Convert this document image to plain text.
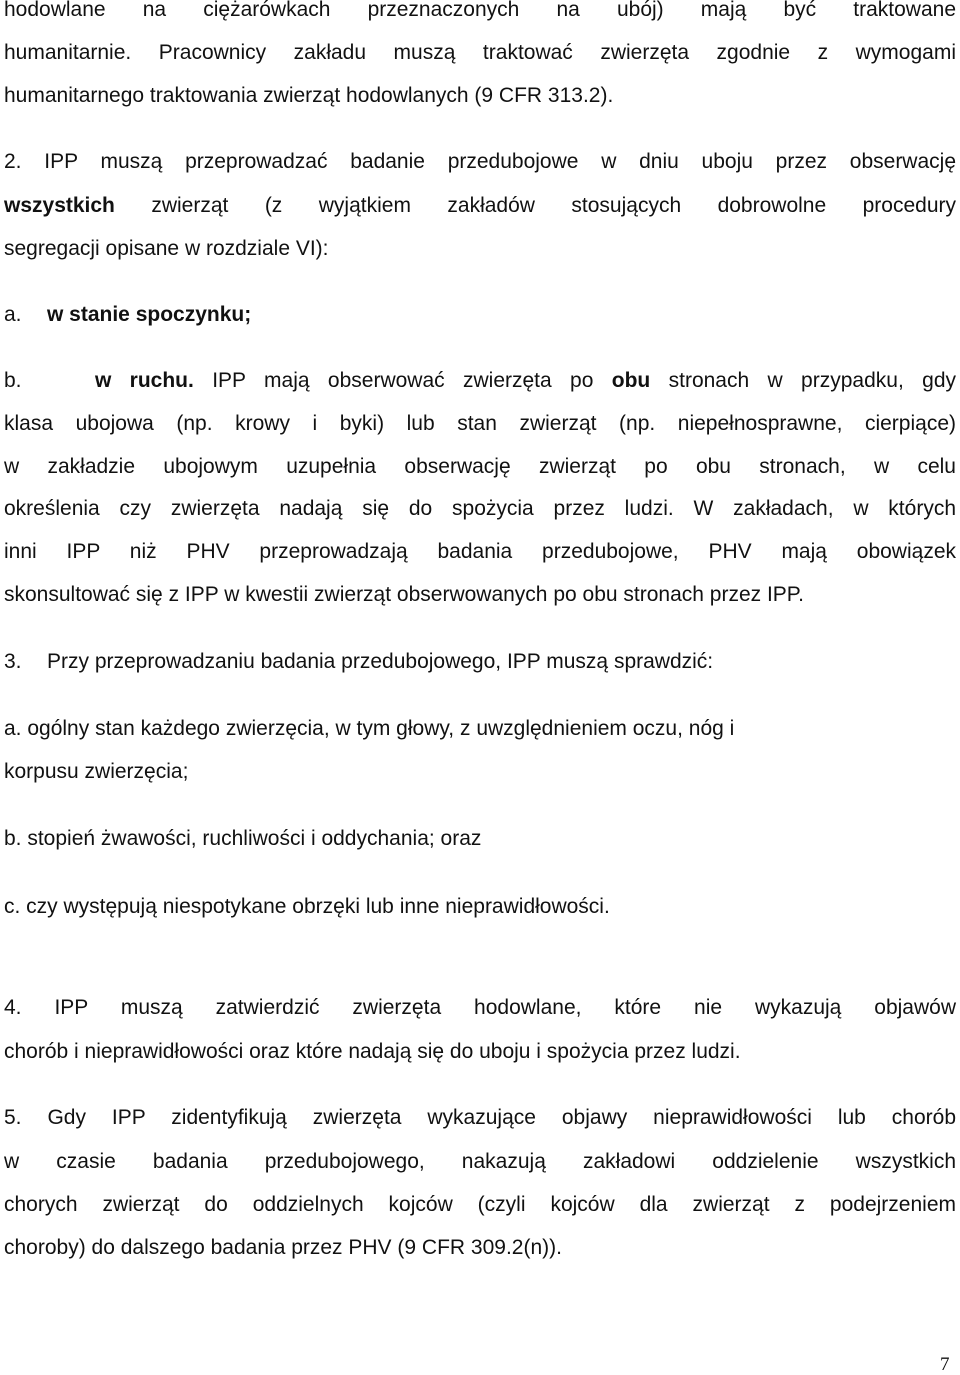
hodowlane na ciężarówkach przeznaczonych na ubój) mają być traktowane
humanitarnie. Pracownicy zakładu muszą traktować zwierzęta zgodnie z wymogami
humanitarnego traktowania zwierząt hodowlanych (9 CFR 313.2).
2. IPP muszą przeprowadzać badanie przedubojowe w dniu uboju przez obserwację
wszystkich zwierząt (z wyjątkiem zakładów stosujących dobrowolne procedury
segregacji opisane w rozdziale VI):
a. w stanie spoczynku;
b.	w ruchu. IPP mają obserwować zwierzęta po obu stronach w przypadku, gdy
klasa ubojowa (np. krowy i byki) lub stan zwierząt (np. niepełnosprawne, cierpiące)
w zakładzie ubojowym uzupełnia obserwację zwierząt po obu stronach, w celu
określenia czy zwierzęta nadają się do spożycia przez ludzi. W zakładach, w których
inni IPP niż PHV przeprowadzają badania przedubojowe, PHV mają obowiązek
skonsultować się z IPP w kwestii zwierząt obserwowanych po obu stronach przez IPP.
3. Przy przeprowadzaniu badania przedubojowego, IPP muszą sprawdzić:
a. ogólny stan każdego zwierzęcia, w tym głowy, z uwzględnieniem oczu, nóg i
korpusu zwierzęcia;
b. stopień żwawości, ruchliwości i oddychania; oraz
c. czy występują niespotykane obrzęki lub inne nieprawidłowości.
4. IPP muszą zatwierdzić zwierzęta hodowlane, które nie wykazują objawów
chorób i nieprawidłowości oraz które nadają się do uboju i spożycia przez ludzi.
5. Gdy IPP zidentyfikują zwierzęta wykazujące objawy nieprawidłowości lub chorób
w czasie badania przedubojowego, nakazują zakładowi oddzielenie wszystkich
chorych zwierząt do oddzielnych kojców (czyli kojców dla zwierząt z podejrzeniem
choroby) do dalszego badania przez PHV (9 CFR 309.2(n)).
7
